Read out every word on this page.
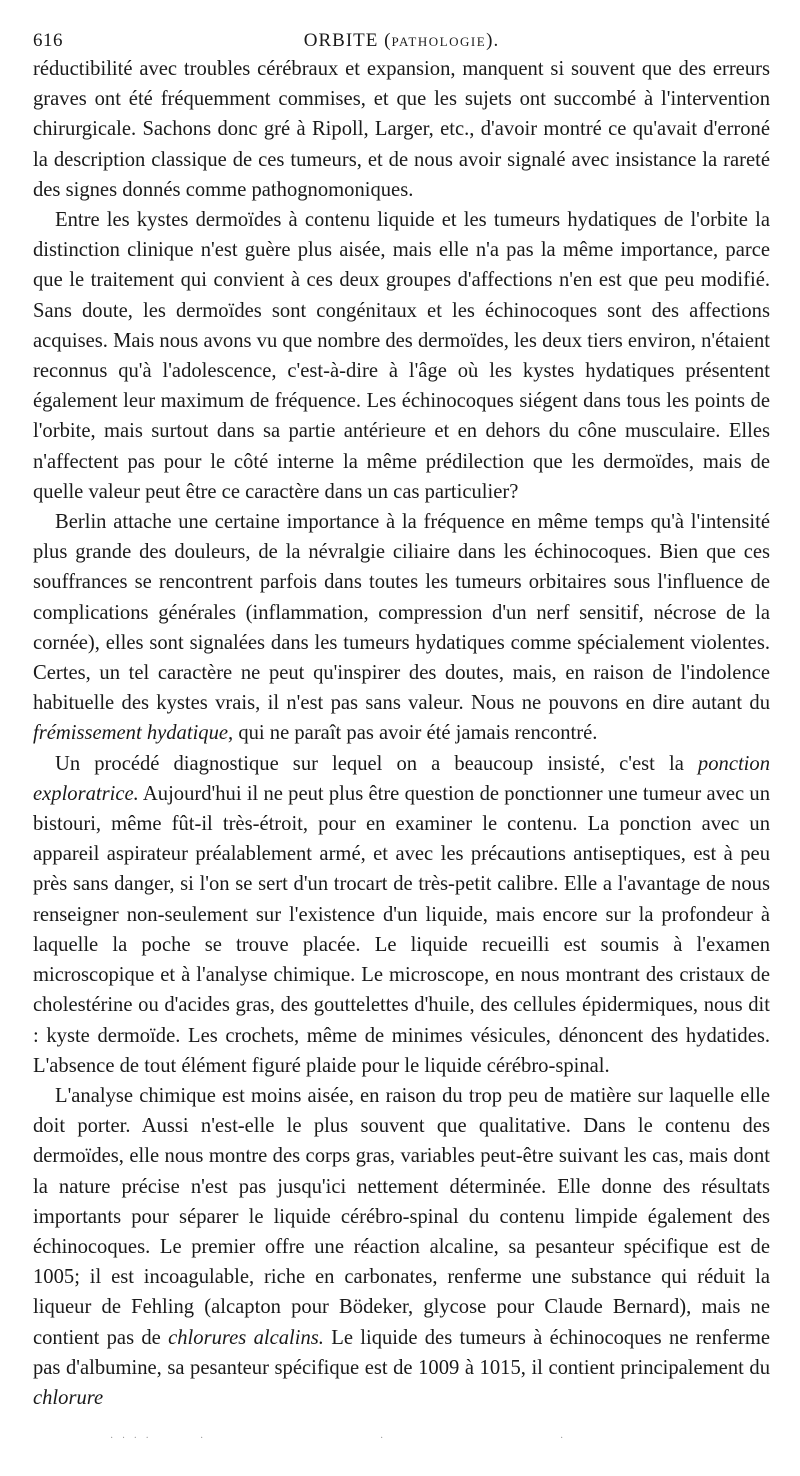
616	ORBITE (PATHOLOGIE).

réductibilité avec troubles cérébraux et expansion, manquent si souvent que des erreurs graves ont été fréquemment commises, et que les sujets ont succombé à l'intervention chirurgicale. Sachons donc gré à Ripoll, Larger, etc., d'avoir montré ce qu'avait d'erroné la description classique de ces tumeurs, et de nous avoir signalé avec insistance la rareté des signes donnés comme pathognomoniques.

Entre les kystes dermoïdes à contenu liquide et les tumeurs hydatiques de l'orbite la distinction clinique n'est guère plus aisée, mais elle n'a pas la même importance, parce que le traitement qui convient à ces deux groupes d'affections n'en est que peu modifié. Sans doute, les dermoïdes sont congénitaux et les échinocoques sont des affections acquises. Mais nous avons vu que nombre des dermoïdes, les deux tiers environ, n'étaient reconnus qu'à l'adolescence, c'est-à-dire à l'âge où les kystes hydatiques présentent également leur maximum de fréquence. Les échinocoques siégent dans tous les points de l'orbite, mais surtout dans sa partie antérieure et en dehors du cône musculaire. Elles n'affectent pas pour le côté interne la même prédilection que les dermoïdes, mais de quelle valeur peut être ce caractère dans un cas particulier?

Berlin attache une certaine importance à la fréquence en même temps qu'à l'intensité plus grande des douleurs, de la névralgie ciliaire dans les échinocoques. Bien que ces souffrances se rencontrent parfois dans toutes les tumeurs orbitaires sous l'influence de complications générales (inflammation, compression d'un nerf sensitif, nécrose de la cornée), elles sont signalées dans les tumeurs hydatiques comme spécialement violentes. Certes, un tel caractère ne peut qu'inspirer des doutes, mais, en raison de l'indolence habituelle des kystes vrais, il n'est pas sans valeur. Nous ne pouvons en dire autant du frémissement hydatique, qui ne paraît pas avoir été jamais rencontré.

Un procédé diagnostique sur lequel on a beaucoup insisté, c'est la ponction exploratrice. Aujourd'hui il ne peut plus être question de ponctionner une tumeur avec un bistouri, même fût-il très-étroit, pour en examiner le contenu. La ponction avec un appareil aspirateur préalablement armé, et avec les précautions antiseptiques, est à peu près sans danger, si l'on se sert d'un trocart de très-petit calibre. Elle a l'avantage de nous renseigner non-seulement sur l'existence d'un liquide, mais encore sur la profondeur à laquelle la poche se trouve placée. Le liquide recueilli est soumis à l'examen microscopique et à l'analyse chimique. Le microscope, en nous montrant des cristaux de cholestérine ou d'acides gras, des gouttelettes d'huile, des cellules épidermiques, nous dit : kyste dermoïde. Les crochets, même de minimes vésicules, dénoncent des hydatides. L'absence de tout élément figuré plaide pour le liquide cérébro-spinal.

L'analyse chimique est moins aisée, en raison du trop peu de matière sur laquelle elle doit porter. Aussi n'est-elle le plus souvent que qualitative. Dans le contenu des dermoïdes, elle nous montre des corps gras, variables peut-être suivant les cas, mais dont la nature précise n'est pas jusqu'ici nettement déterminée. Elle donne des résultats importants pour séparer le liquide cérébro-spinal du contenu limpide également des échinocoques. Le premier offre une réaction alcaline, sa pesanteur spécifique est de 1005; il est incoagulable, riche en carbonates, renferme une substance qui réduit la liqueur de Fehling (alcapton pour Bödeker, glycose pour Claude Bernard), mais ne contient pas de chlorures alcalins. Le liquide des tumeurs à échinocoques ne renferme pas d'albumine, sa pesanteur spécifique est de 1009 à 1015, il contient principalement du chlorure

· · · ·	·	·	·
